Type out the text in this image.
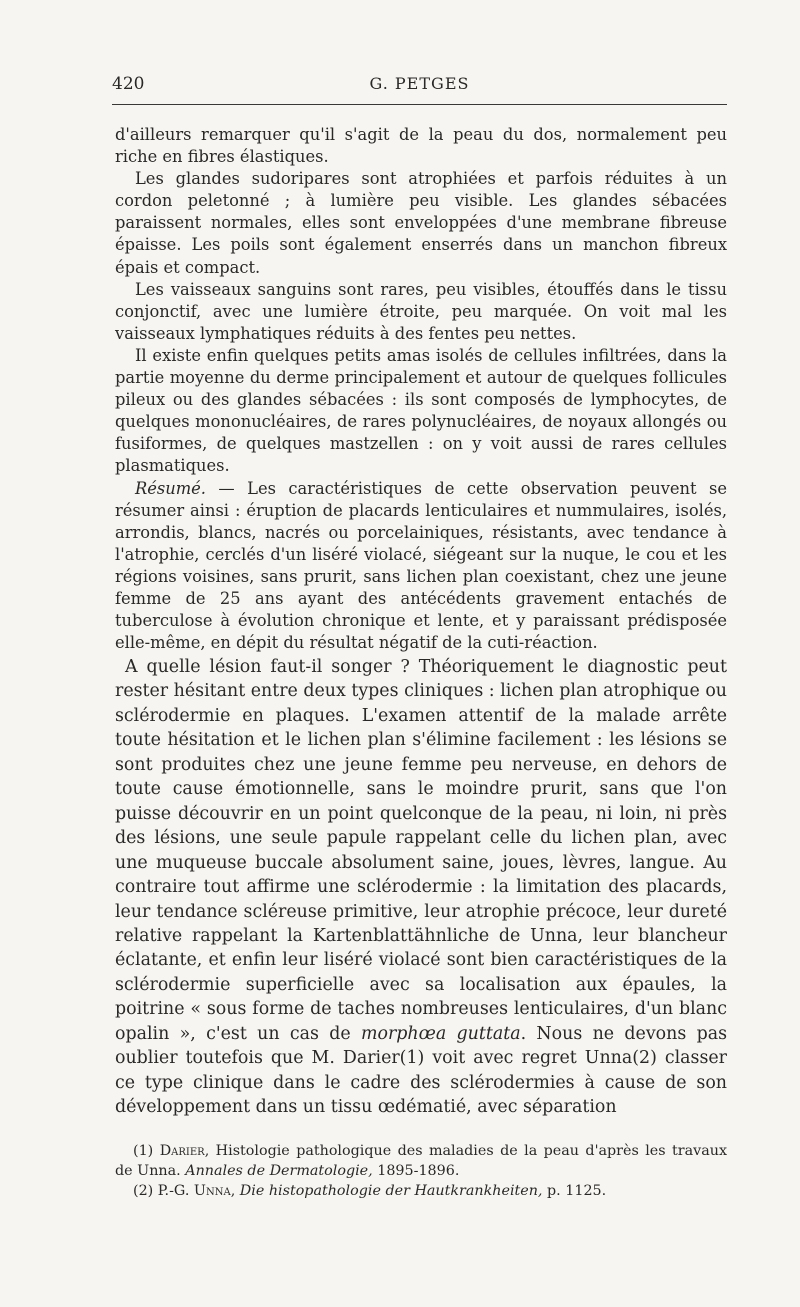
420	G. PETGES

d'ailleurs remarquer qu'il s'agit de la peau du dos, normalement peu riche en fibres élastiques.

Les glandes sudoripares sont atrophiées et parfois réduites à un cordon peletonné ; à lumière peu visible. Les glandes sébacées paraissent normales, elles sont enveloppées d'une membrane fibreuse épaisse. Les poils sont également enserrés dans un manchon fibreux épais et compact.

Les vaisseaux sanguins sont rares, peu visibles, étouffés dans le tissu conjonctif, avec une lumière étroite, peu marquée. On voit mal les vaisseaux lymphatiques réduits à des fentes peu nettes.

Il existe enfin quelques petits amas isolés de cellules infiltrées, dans la partie moyenne du derme principalement et autour de quelques follicules pileux ou des glandes sébacées : ils sont composés de lymphocytes, de quelques mononucléaires, de rares polynucléaires, de noyaux allongés ou fusiformes, de quelques mastzellen : on y voit aussi de rares cellules plasmatiques.

Résumé. — Les caractéristiques de cette observation peuvent se résumer ainsi : éruption de placards lenticulaires et nummulaires, isolés, arrondis, blancs, nacrés ou porcelainiques, résistants, avec tendance à l'atrophie, cerclés d'un liséré violacé, siégeant sur la nuque, le cou et les régions voisines, sans prurit, sans lichen plan coexistant, chez une jeune femme de 25 ans ayant des antécédents gravement entachés de tuberculose à évolution chronique et lente, et y paraissant prédisposée elle-même, en dépit du résultat négatif de la cuti-réaction.

A quelle lésion faut-il songer ? Théoriquement le diagnostic peut rester hésitant entre deux types cliniques : lichen plan atrophique ou sclérodermie en plaques. L'examen attentif de la malade arrête toute hésitation et le lichen plan s'élimine facilement : les lésions se sont produites chez une jeune femme peu nerveuse, en dehors de toute cause émotionnelle, sans le moindre prurit, sans que l'on puisse découvrir en un point quelconque de la peau, ni loin, ni près des lésions, une seule papule rappelant celle du lichen plan, avec une muqueuse buccale absolument saine, joues, lèvres, langue. Au contraire tout affirme une sclérodermie : la limitation des placards, leur tendance scléreuse primitive, leur atrophie précoce, leur dureté relative rappelant la Kartenblattähnliche de Unna, leur blancheur éclatante, et enfin leur liséré violacé sont bien caractéristiques de la sclérodermie superficielle avec sa localisation aux épaules, la poitrine « sous forme de taches nombreuses lenticulaires, d'un blanc opalin », c'est un cas de morphœa guttata. Nous ne devons pas oublier toutefois que M. Darier(1) voit avec regret Unna(2) classer ce type clinique dans le cadre des sclérodermies à cause de son développement dans un tissu œdématié, avec séparation

(1) Darier, Histologie pathologique des maladies de la peau d'après les travaux de Unna. Annales de Dermatologie, 1895-1896.

(2) P.-G. Unna, Die histopathologie der Hautkrankheiten, p. 1125.
